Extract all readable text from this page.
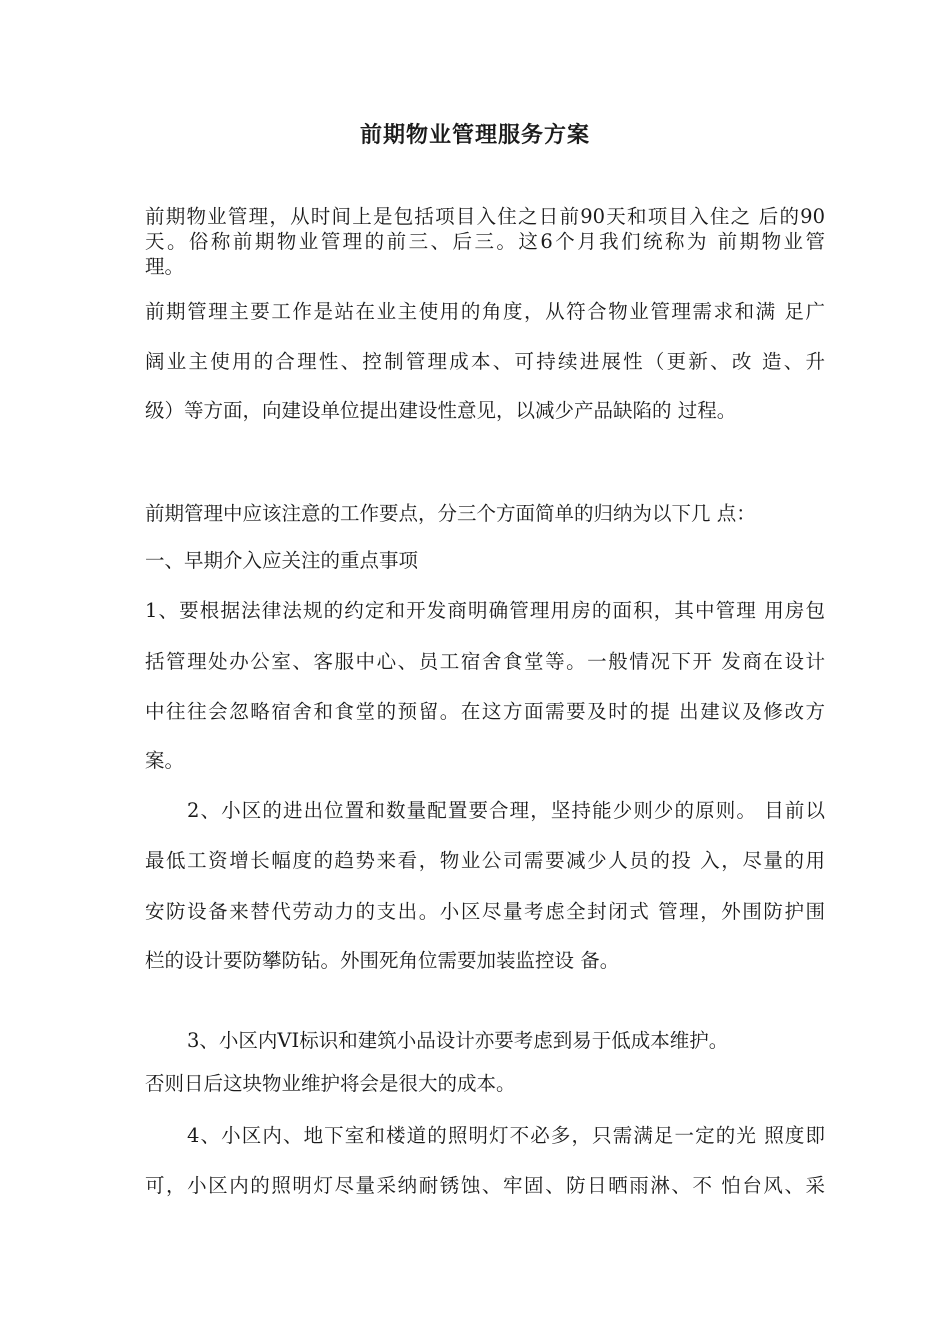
前期物业管理服务方案
前期物业管理，从时间上是包括项目入住之日前90天和项目入住之 后的90
天。俗称前期物业管理的前三、后三。这6个月我们统称为 前期物业管
理。
前期管理主要工作是站在业主使用的角度，从符合物业管理需求和满 足广
阔业主使用的合理性、控制管理成本、可持续进展性（更新、改 造、升
级）等方面，向建设单位提出建设性意见，以减少产品缺陷的 过程。
前期管理中应该注意的工作要点，分三个方面简单的归纳为以下几 点：
一、早期介入应关注的重点事项
1、要根据法律法规的约定和开发商明确管理用房的面积，其中管理 用房包
括管理处办公室、客服中心、员工宿舍食堂等。一般情况下开 发商在设计
中往往会忽略宿舍和食堂的预留。在这方面需要及时的提 出建议及修改方
案。
2、小区的进出位置和数量配置要合理，坚持能少则少的原则。 目前以
最低工资增长幅度的趋势来看，物业公司需要减少人员的投 入，尽量的用
安防设备来替代劳动力的支出。小区尽量考虑全封闭式 管理，外围防护围
栏的设计要防攀防钻。外围死角位需要加装监控设 备。
3、小区内VI标识和建筑小品设计亦要考虑到易于低成本维护。
否则日后这块物业维护将会是很大的成本。
4、小区内、地下室和楼道的照明灯不必多，只需满足一定的光 照度即
可，小区内的照明灯尽量采纳耐锈蚀、牢固、防日晒雨淋、不 怕台风、采
